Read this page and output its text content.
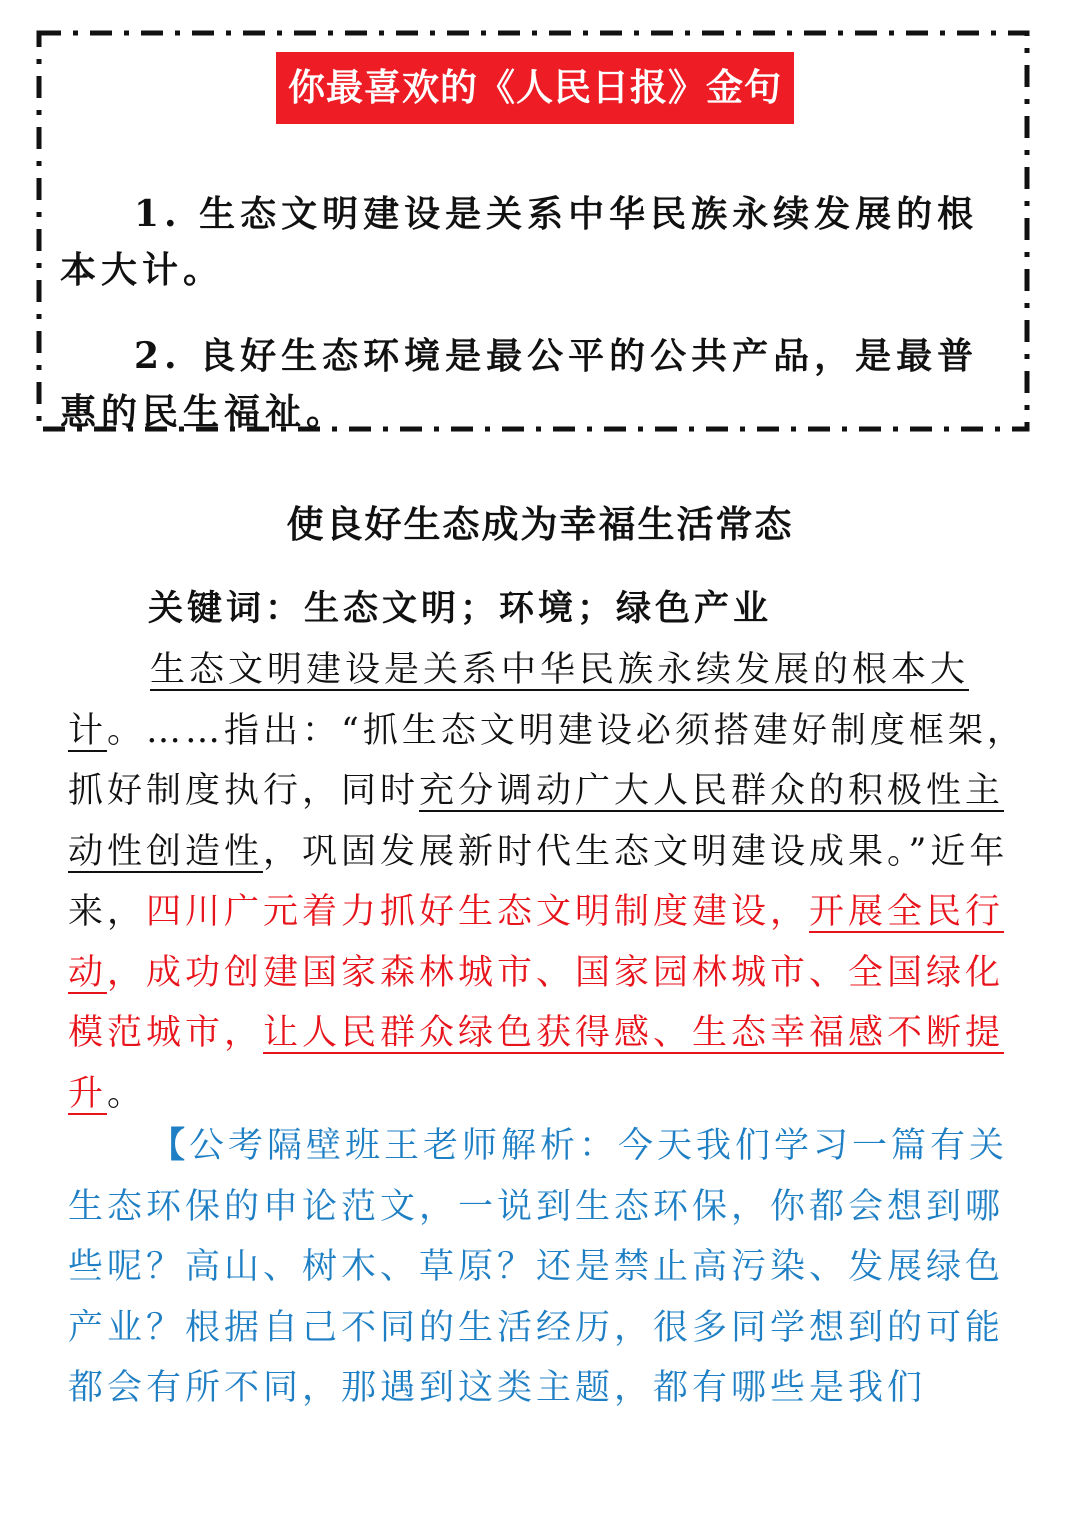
你最喜欢的《人民日报》金句
1. 生态文明建设是关系中华民族永续发展的根本大计。
2. 良好生态环境是最公平的公共产品，是最普惠的民生福祉。
使良好生态成为幸福生活常态
关键词：生态文明；环境；绿色产业

生态文明建设是关系中华民族永续发展的根本大计。……指出：“抓生态文明建设必须搭建好制度框架，抓好制度执行，同时充分调动广大人民群众的积极性主动性创造性，巩固发展新时代生态文明建设成果。”近年来，四川广元着力抓好生态文明制度建设，开展全民行动，成功创建国家森林城市、国家园林城市、全国绿化模范城市，让人民群众绿色获得感、生态幸福感不断提升。

【公考隔壁班王老师解析：今天我们学习一篇有关生态环保的申论范文，一说到生态环保，你都会想到哪些呢？高山、树木、草原？还是禁止高污染、发展绿色产业？根据自己不同的生活经历，很多同学想到的可能都会有所不同，那遇到这类主题，都有哪些是我们
